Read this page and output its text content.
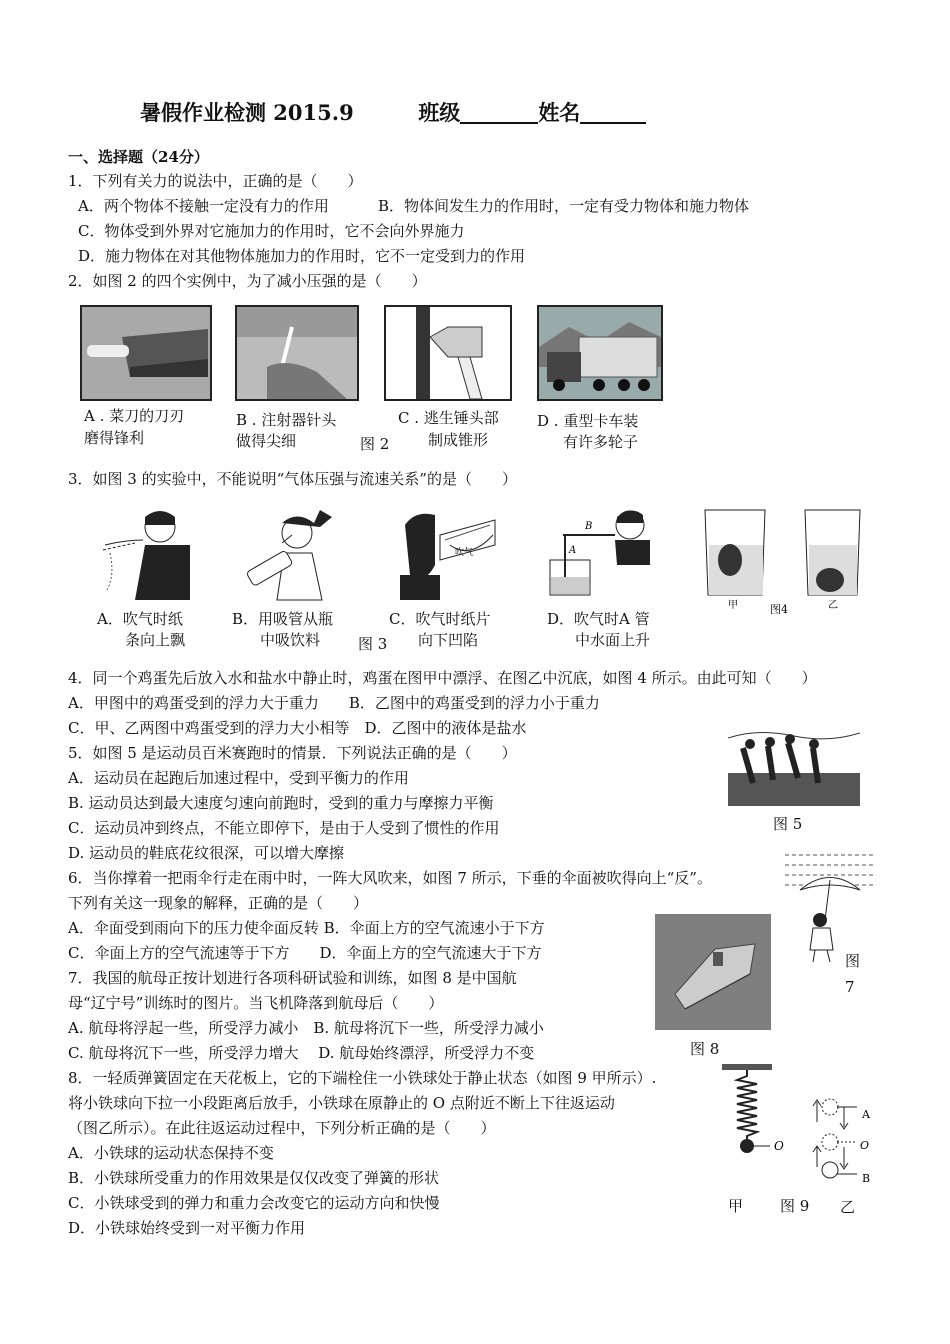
暑假作业检测 2015.9	班级	姓名
一、选择题（24分）
1．下列有关力的说法中，正确的是（　　）
A．两个物体不接触一定没有力的作用	B．物体间发生力的作用时，一定有受力物体和施力物体
C．物体受到外界对它施加力的作用时，它不会向外界施力
D．施力物体在对其他物体施加力的作用时，它不一定受到力的作用
2．如图 2 的四个实例中，为了减小压强的是（　　）
A . 菜刀的刀刃
磨得锋利
B . 注射器针头
做得尖细	图 2
C . 逃生锤头部
制成锥形
D . 重型卡车装
有许多轮子
3．如图 3 的实验中，不能说明“气体压强与流速关系”的是（　　）
吹气
B
A
甲	图4	乙
A．吹气时纸
条向上飘
B．用吸管从瓶
中吸饮料	图 3
C．吹气时纸片
向下凹陷
D．吹气时A 管
中水面上升
4．同一个鸡蛋先后放入水和盐水中静止时，鸡蛋在图甲中漂浮、在图乙中沉底，如图 4 所示。由此可知（　　）
A．甲图中的鸡蛋受到的浮力大于重力　　B．乙图中的鸡蛋受到的浮力小于重力
C．甲、乙两图中鸡蛋受到的浮力大小相等　D．乙图中的液体是盐水
5．如图 5 是运动员百米赛跑时的情景．下列说法正确的是（　　）
A．运动员在起跑后加速过程中，受到平衡力的作用
B. 运动员达到最大速度匀速向前跑时，受到的重力与摩擦力平衡
C．运动员冲到终点，不能立即停下，是由于人受到了惯性的作用
D. 运动员的鞋底花纹很深，可以增大摩擦
图 5
6．当你撑着一把雨伞行走在雨中时，一阵大风吹来，如图 7 所示，下垂的伞面被吹得向上“反”。
下列有关这一现象的解释，正确的是（　　）
A．伞面受到雨向下的压力使伞面反转 B．伞面上方的空气流速小于下方
C．伞面上方的空气流速等于下方　　D．伞面上方的空气流速大于下方	图
7
7．我国的航母正按计划进行各项科研试验和训练，如图 8 是中国航
母“辽宁号”训练时的图片。当飞机降落到航母后（　　）
A. 航母将浮起一些，所受浮力减小　B. 航母将沉下一些，所受浮力减小
C. 航母将沉下一些，所受浮力增大　 D. 航母始终漂浮，所受浮力不变	图 8
8．一轻质弹簧固定在天花板上，它的下端栓住一小铁球处于静止状态（如图 9 甲所示）.
将小铁球向下拉一小段距离后放手，小铁球在原静止的 O 点附近不断上下往返运动
（图乙所示）。在此往返运动过程中，下列分析正确的是（　　）
A．小铁球的运动状态保持不变
B．小铁球所受重力的作用效果是仅仅改变了弹簧的形状
C．小铁球受到的弹力和重力会改变它的运动方向和快慢
D．小铁球始终受到一对平衡力作用
O
A
O
B
甲 图 9 乙
